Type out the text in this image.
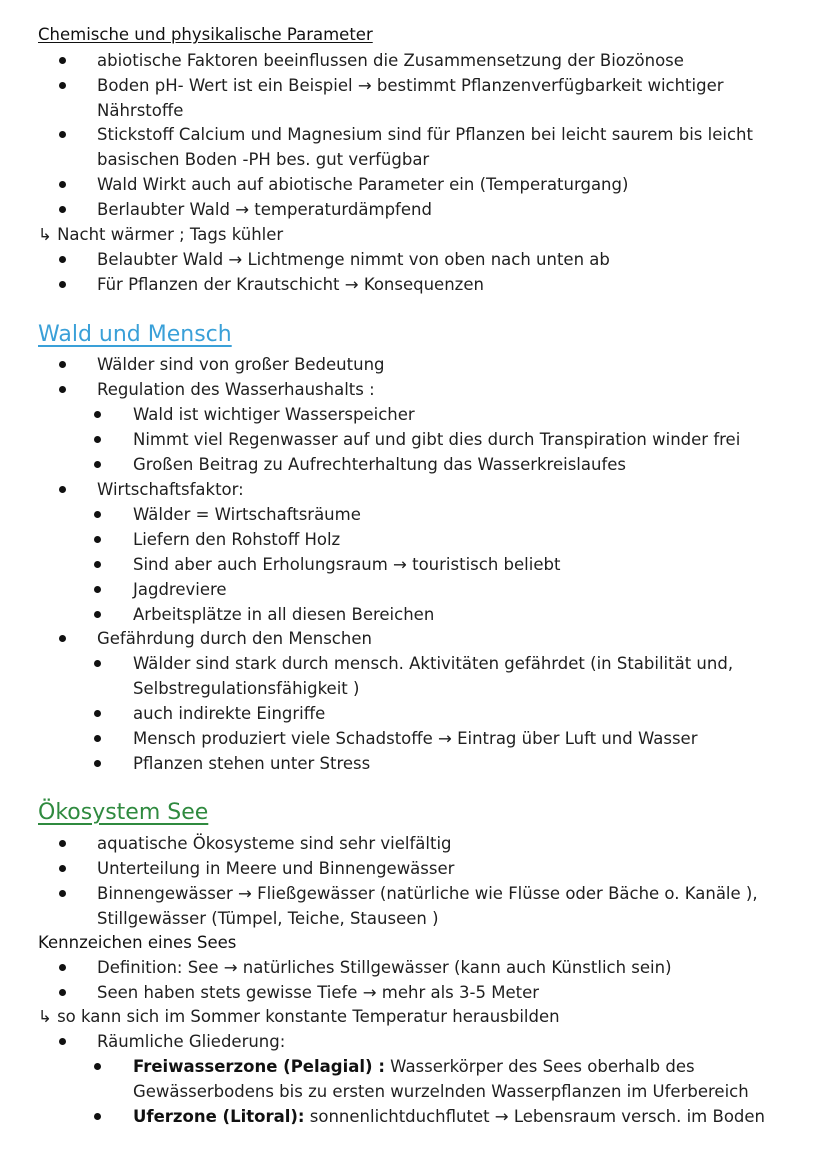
Chemische und physikalische Parameter
abiotische Faktoren beeinflussen die Zusammensetzung der Biozönose
Boden pH- Wert ist ein Beispiel → bestimmt Pflanzenverfügbarkeit wichtiger
Nährstoffe
Stickstoff Calcium und Magnesium sind für Pflanzen bei leicht saurem bis leicht
basischen Boden -PH bes. gut verfügbar
Wald Wirkt auch auf abiotische Parameter ein (Temperaturgang)
Berlaubter Wald → temperaturdämpfend
↳ Nacht wärmer ; Tags kühler
Belaubter Wald → Lichtmenge nimmt von oben nach unten ab
Für Pflanzen der Krautschicht → Konsequenzen
Wald und Mensch
Wälder sind von großer Bedeutung
Regulation des Wasserhaushalts :
Wald ist wichtiger Wasserspeicher
Nimmt viel Regenwasser auf und gibt dies durch Transpiration winder frei
Großen Beitrag zu Aufrechterhaltung das Wasserkreislaufes
Wirtschaftsfaktor:
Wälder = Wirtschaftsräume
Liefern den Rohstoff Holz
Sind aber auch Erholungsraum → touristisch beliebt
Jagdreviere
Arbeitsplätze in all diesen Bereichen
Gefährdung durch den Menschen
Wälder sind stark durch mensch. Aktivitäten gefährdet (in Stabilität und,
Selbstregulationsfähigkeit )
auch indirekte Eingriffe
Mensch produziert viele Schadstoffe → Eintrag über Luft und Wasser
Pflanzen stehen unter Stress
Ökosystem See
aquatische Ökosysteme sind sehr vielfältig
Unterteilung in Meere und Binnengewässer
Binnengewässer → Fließgewässer (natürliche wie Flüsse oder Bäche o. Kanäle ),
Stillgewässer (Tümpel, Teiche, Stauseen )
Kennzeichen eines Sees
Definition: See → natürliches Stillgewässer (kann auch Künstlich sein)
Seen haben stets gewisse Tiefe → mehr als 3-5 Meter
↳ so kann sich im Sommer konstante Temperatur herausbilden
Räumliche Gliederung:
Freiwasserzone (Pelagial) : Wasserkörper des Sees oberhalb des
Gewässerbodens bis zu ersten wurzelnden Wasserpflanzen im Uferbereich
Uferzone (Litoral): sonnenlichtduchflutet → Lebensraum versch. im Boden
